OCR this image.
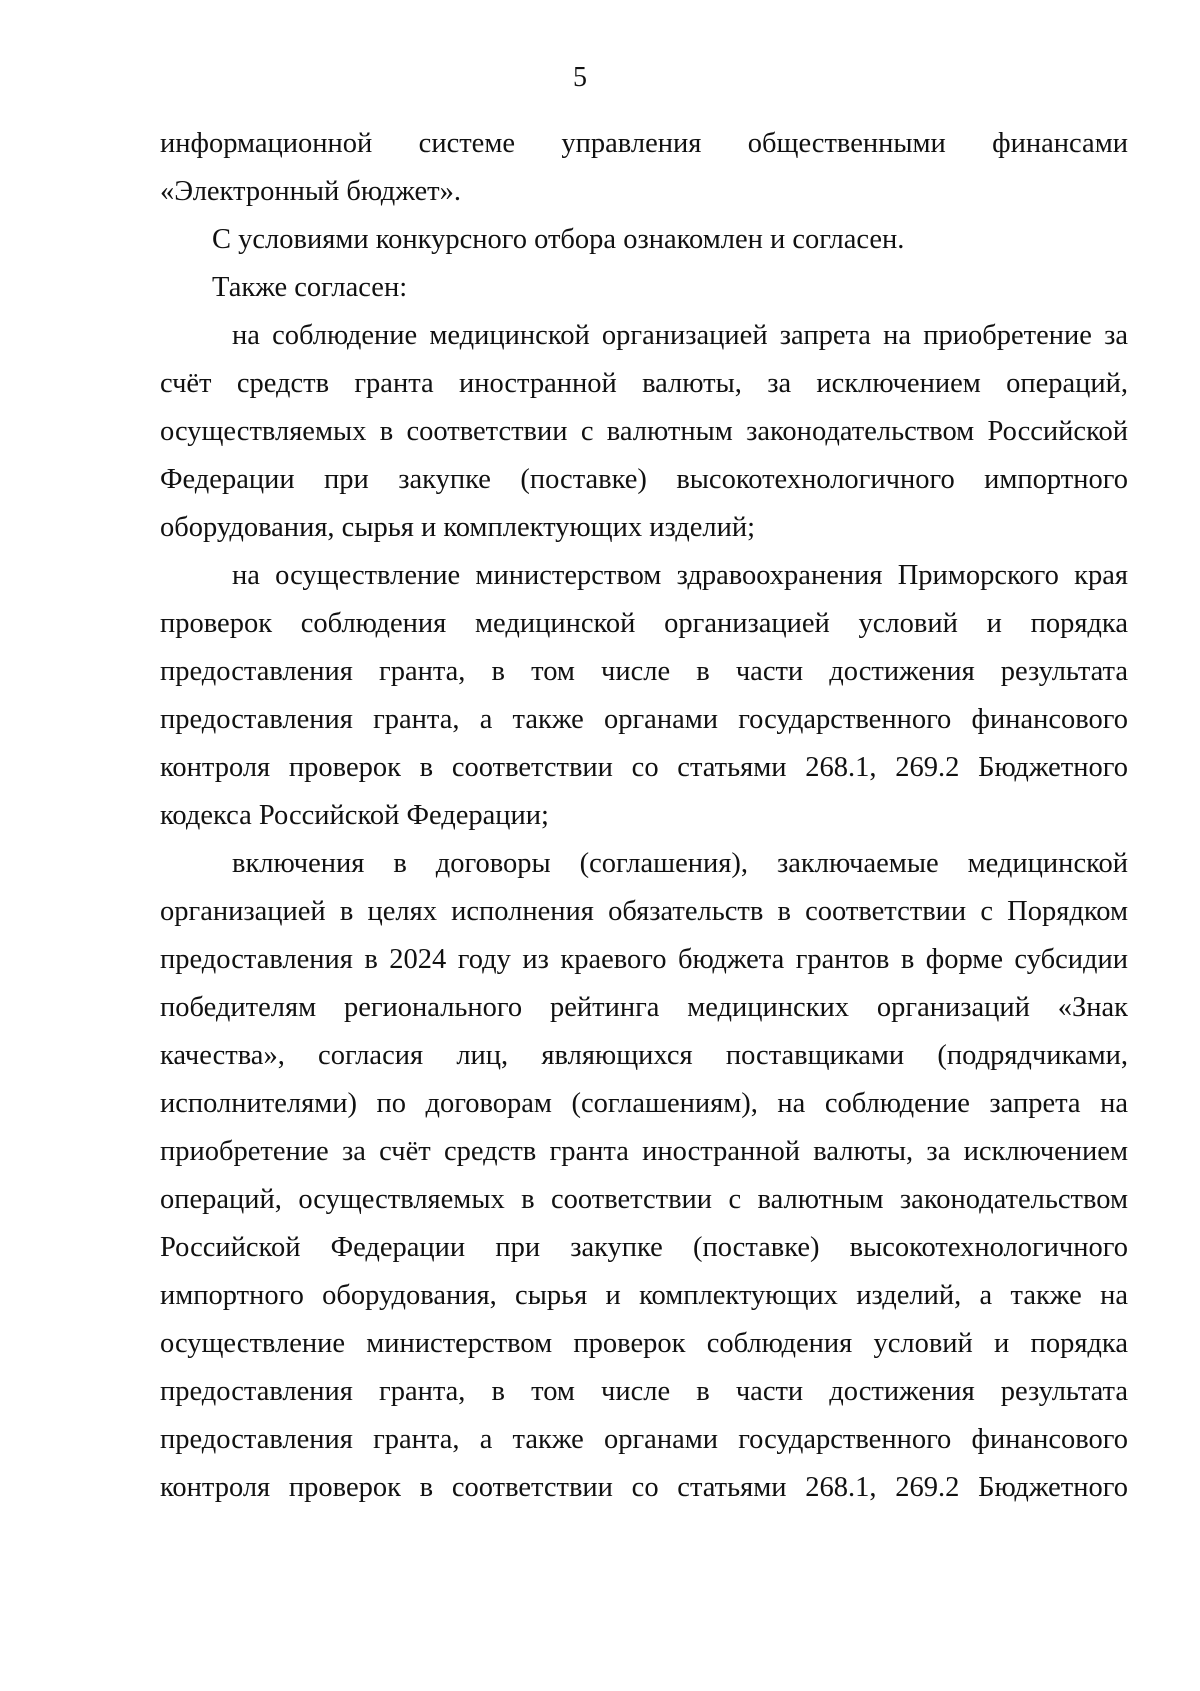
5

информационной системе управления общественными финансами «Электронный бюджет».

С условиями конкурсного отбора ознакомлен и согласен.

Также согласен:

на соблюдение медицинской организацией запрета на приобретение за счёт средств гранта иностранной валюты, за исключением операций, осуществляемых в соответствии с валютным законодательством Российской Федерации при закупке (поставке) высокотехнологичного импортного оборудования, сырья и комплектующих изделий;

на осуществление министерством здравоохранения Приморского края проверок соблюдения медицинской организацией условий и порядка предоставления гранта, в том числе в части достижения результата предоставления гранта, а также органами государственного финансового контроля проверок в соответствии со статьями 268.1, 269.2 Бюджетного кодекса Российской Федерации;

включения в договоры (соглашения), заключаемые медицинской организацией в целях исполнения обязательств в соответствии с Порядком предоставления в 2024 году из краевого бюджета грантов в форме субсидии победителям регионального рейтинга медицинских организаций «Знак качества», согласия лиц, являющихся поставщиками (подрядчиками, исполнителями) по договорам (соглашениям), на соблюдение запрета на приобретение за счёт средств гранта иностранной валюты, за исключением операций, осуществляемых в соответствии с валютным законодательством Российской Федерации при закупке (поставке) высокотехнологичного импортного оборудования, сырья и комплектующих изделий, а также на осуществление министерством проверок соблюдения условий и порядка предоставления гранта, в том числе в части достижения результата предоставления гранта, а также органами государственного финансового контроля проверок в соответствии со статьями 268.1, 269.2 Бюджетного
